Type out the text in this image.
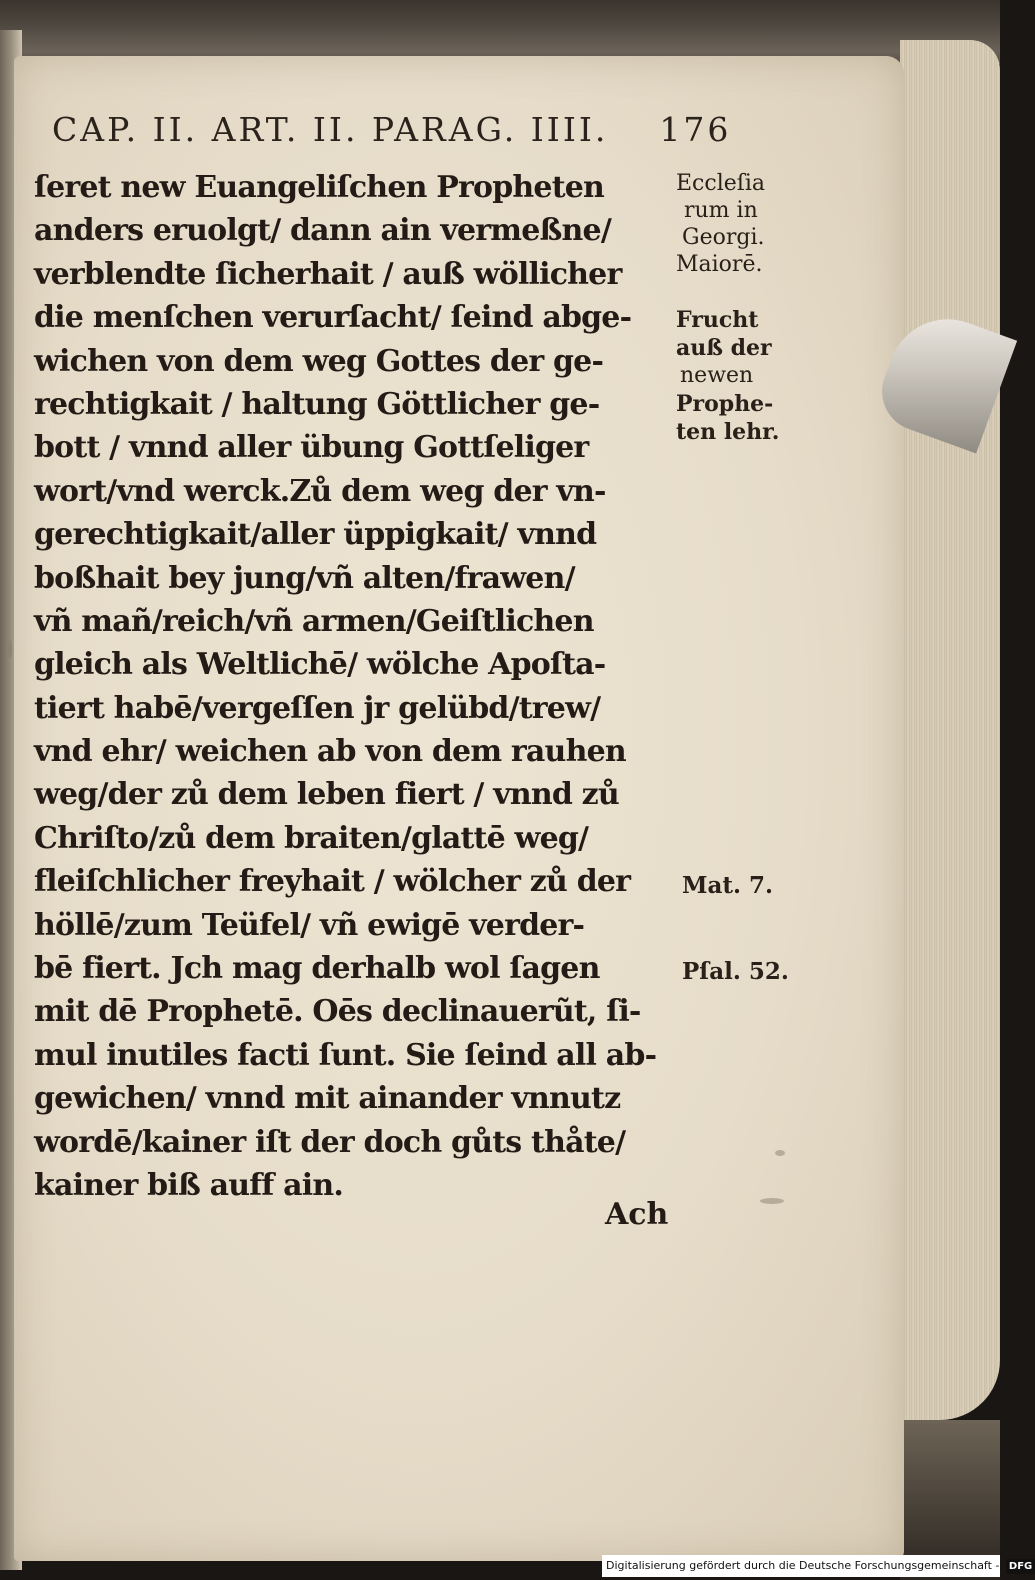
CAP. II. ART. II. PARAG. IIII. 176
ſeret new Euangeliſchen Propheten
anders eruolgt/ dann ain vermeßne/
verblendte ſicherhait / auß wöllicher
die menſchen verurſacht/ ſeind abge-
wichen von dem weg Gottes der ge-
rechtigkait / haltung Göttlicher ge-
bott / vnnd aller übung Gottſeliger
wort/vnd werck.Zů dem weg der vn-
gerechtigkait/aller üppigkait/ vnnd
boßhait bey jung/vñ alten/frawen/
vñ mañ/reich/vñ armen/Geiſtlichen
gleich als Weltlichē/ wölche Apoſta-
tiert habē/vergeſſen jr gelübd/trew/
vnd ehr/ weichen ab von dem rauhen
weg/der zů dem leben fiert / vnnd zů
Chriſto/zů dem braiten/glattē weg/
fleiſchlicher freyhait / wölcher zů der
höllē/zum Teüfel/ vñ ewigē verder-
bē fiert. Jch mag derhalb wol ſagen
mit dē Prophetē. Oēs declinauerũt, ſi-
mul inutiles facti ſunt. Sie ſeind all ab-
gewichen/ vnnd mit ainander vnnutz
wordē/kainer iſt der doch gůts thåte/
kainer biß auff ain.
Ach
Eccleſia
rum in
Georgi.
Maiorē.
Frucht
auß der
newen
Prophe-
ten lehr.
Mat. 7.
Pſal. 52.
Digitalisierung gefördert durch die Deutsche Forschungsgemeinschaft - DFG
